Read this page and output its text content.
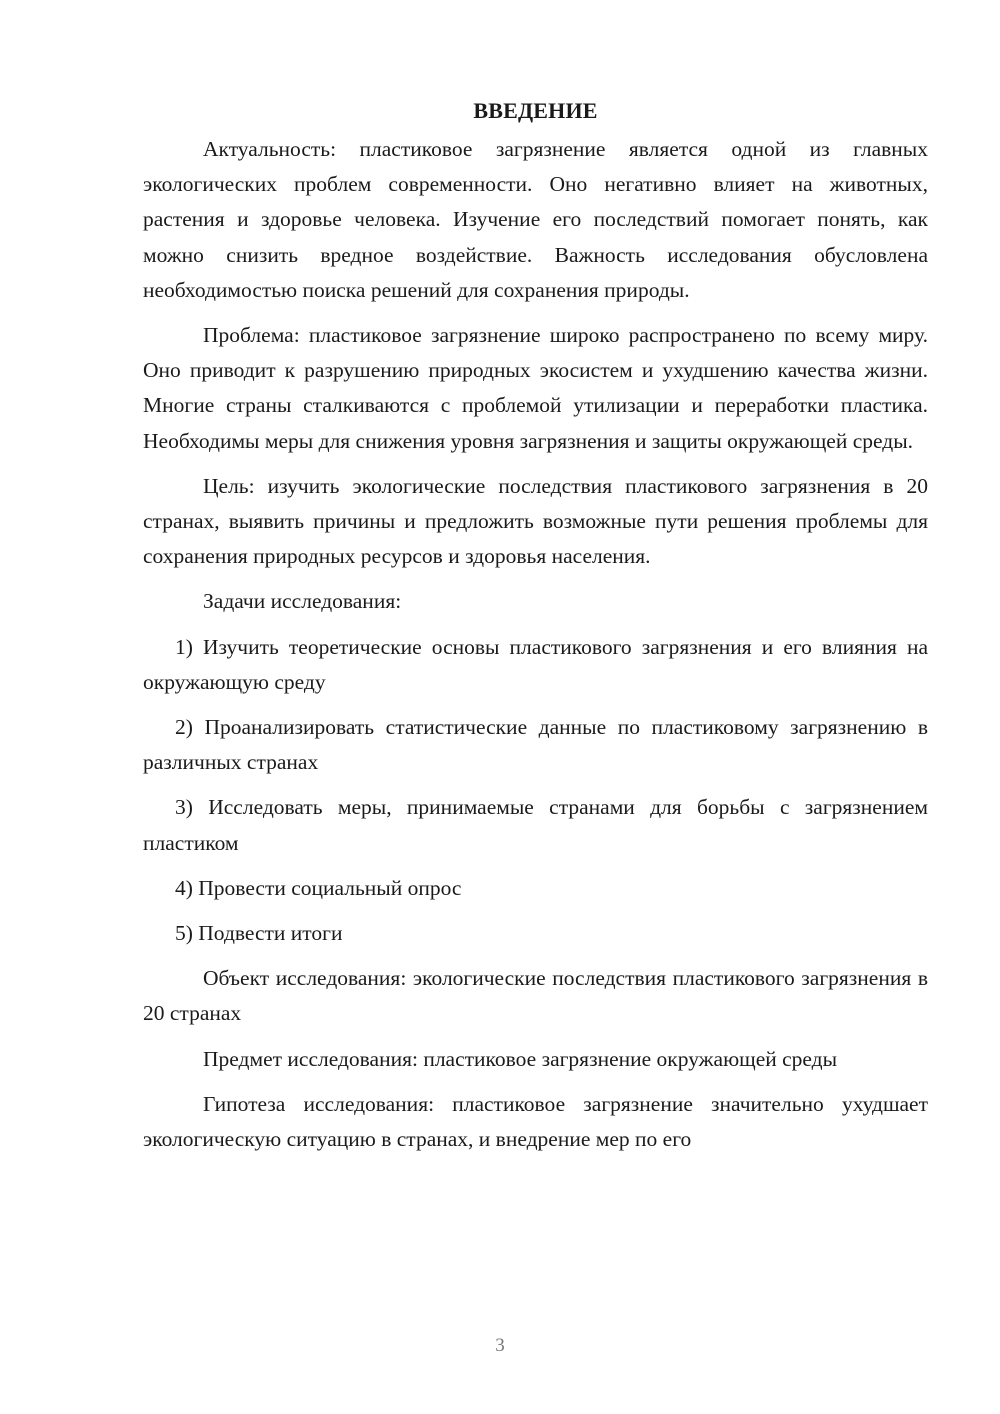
ВВЕДЕНИЕ

Актуальность: пластиковое загрязнение является одной из главных экологических проблем современности. Оно негативно влияет на животных, растения и здоровье человека. Изучение его последствий помогает понять, как можно снизить вредное воздействие. Важность исследования обусловлена необходимостью поиска решений для сохранения природы.

Проблема: пластиковое загрязнение широко распространено по всему миру. Оно приводит к разрушению природных экосистем и ухудшению качества жизни. Многие страны сталкиваются с проблемой утилизации и переработки пластика. Необходимы меры для снижения уровня загрязнения и защиты окружающей среды.

Цель: изучить экологические последствия пластикового загрязнения в 20 странах, выявить причины и предложить возможные пути решения проблемы для сохранения природных ресурсов и здоровья населения.

Задачи исследования:

1) Изучить теоретические основы пластикового загрязнения и его влияния на окружающую среду

2) Проанализировать статистические данные по пластиковому загрязнению в различных странах

3) Исследовать меры, принимаемые странами для борьбы с загрязнением пластиком

4) Провести социальный опрос

5) Подвести итоги

Объект исследования: экологические последствия пластикового загрязнения в 20 странах

Предмет исследования: пластиковое загрязнение окружающей среды

Гипотеза исследования: пластиковое загрязнение значительно ухудшает экологическую ситуацию в странах, и внедрение мер по его

3
